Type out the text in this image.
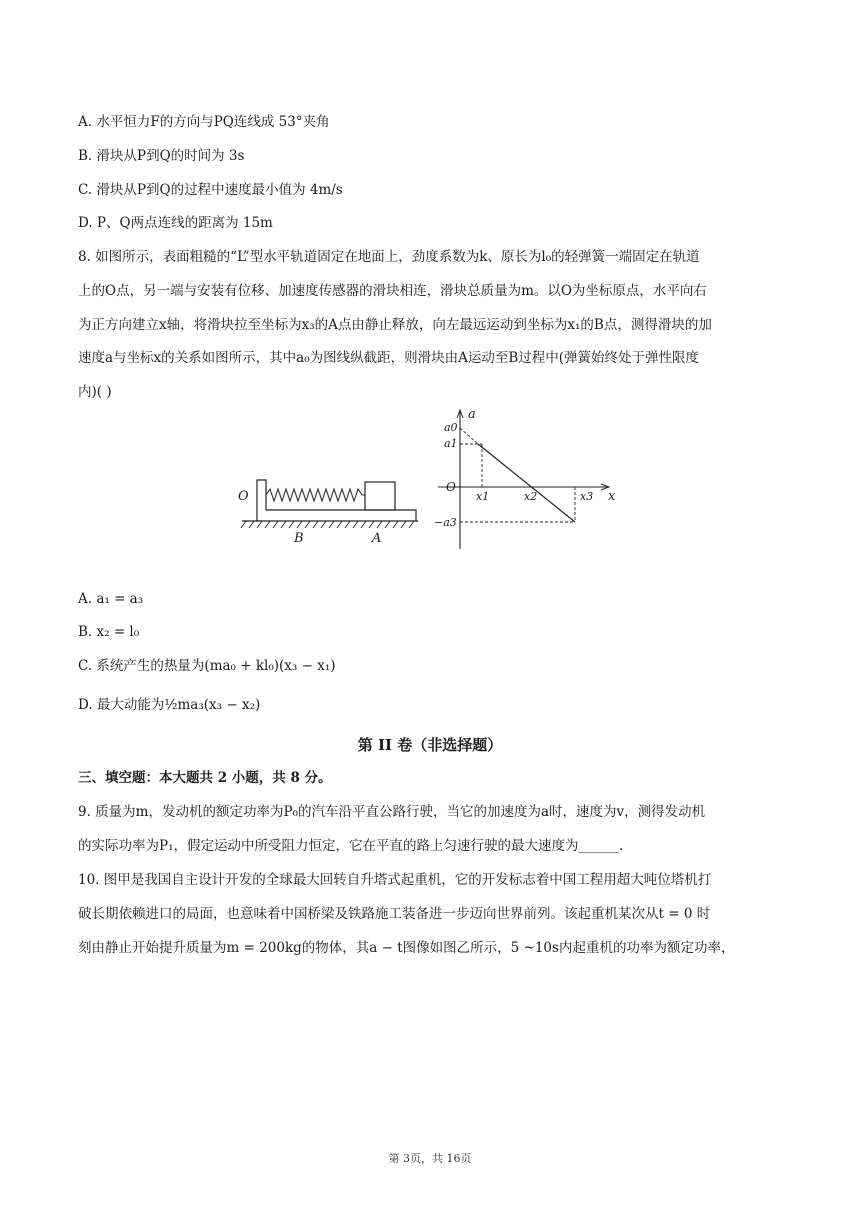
A. 水平恒力F的方向与PQ连线成 53°夹角
B. 滑块从P到Q的时间为 3s
C. 滑块从P到Q的过程中速度最小值为 4m/s
D. P、Q两点连线的距离为 15m
8. 如图所示，表面粗糙的“L”型水平轨道固定在地面上，劲度系数为k、原长为l₀的轻弹簧一端固定在轨道
上的O点，另一端与安装有位移、加速度传感器的滑块相连，滑块总质量为m。以O为坐标原点，水平向右
为正方向建立x轴，将滑块拉至坐标为x₃的A点由静止释放，向左最远运动到坐标为x₁的B点，测得滑块的加
速度a与坐标x的关系如图所示，其中a₀为图线纵截距，则滑块由A运动至B过程中(弹簧始终处于弹性限度
内)( )
O
B	A
a
x
a0
a1
O
−a3
x1	x2	x3
A. a₁ = a₃
B. x₂ = l₀
C. 系统产生的热量为(ma₀ + kl₀)(x₃ − x₁)
D. 最大动能为½ma₃(x₃ − x₂)
第 II 卷（非选择题）
三、填空题：本大题共 2 小题，共 8 分。
9. 质量为m，发动机的额定功率为P₀的汽车沿平直公路行驶，当它的加速度为a时，速度为v，测得发动机
的实际功率为P₁，假定运动中所受阻力恒定，它在平直的路上匀速行驶的最大速度为______.
10. 图甲是我国自主设计开发的全球最大回转自升塔式起重机，它的开发标志着中国工程用超大吨位塔机打
破长期依赖进口的局面，也意味着中国桥梁及铁路施工装备进一步迈向世界前列。该起重机某次从t = 0 时
刻由静止开始提升质量为m = 200kg的物体，其a − t图像如图乙所示，5 ~10s内起重机的功率为额定功率，
第 3页，共 16页
